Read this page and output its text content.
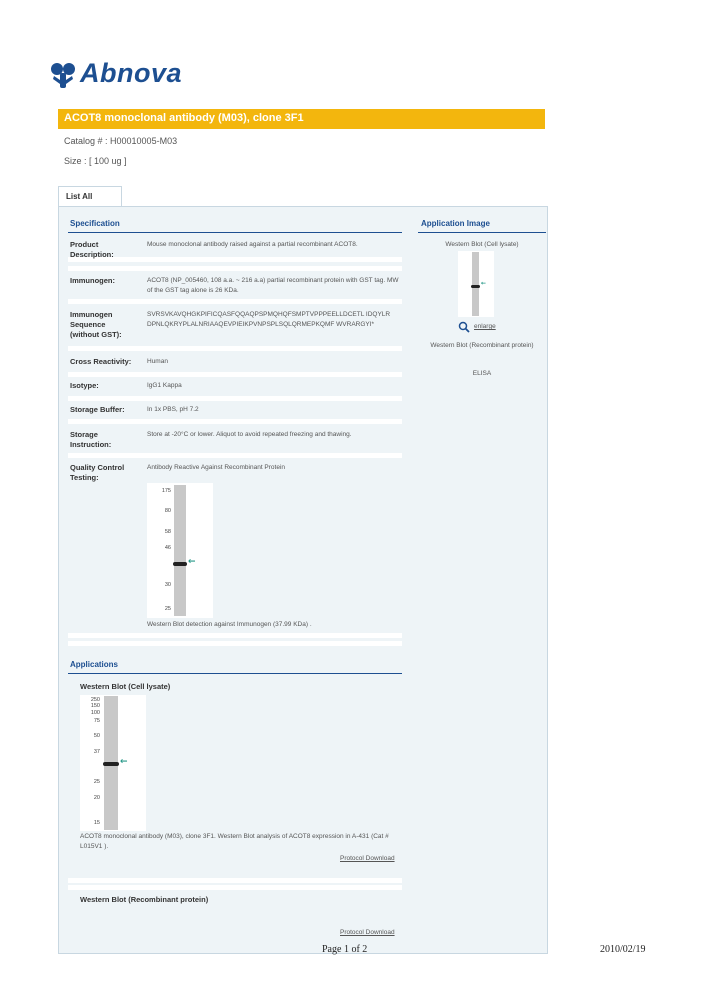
Abnova
ACOT8 monoclonal antibody (M03), clone 3F1
Catalog # : H00010005-M03
Size : [ 100 ug ]
List All
Specification
Product
Description:
Mouse monoclonal antibody raised against a partial recombinant ACOT8.
Immunogen:	ACOT8 (NP_005460, 108 a.a. ~ 216 a.a) partial recombinant protein with GST tag. MW of the GST tag alone is 26 KDa.
Immunogen
Sequence
(without GST):
SVRSVKAVQHGKPIFICQASFQQAQPSPMQHQFSMPTVPPPEELLDCETL IDQYLRDPNLQKRYPLALNRIAAQEVPIEIKPVNPSPLSQLQRMEPKQMF WVRARGYI*
Cross Reactivity: Human
Isotype:	IgG1 Kappa
Storage Buffer:	In 1x PBS, pH 7.2
Storage
Instruction:
Store at -20°C or lower. Aliquot to avoid repeated freezing and thawing.
Quality Control
Testing:
Antibody Reactive Against Recombinant Protein
←
175
80
58
46
30
25
Western Blot detection against Immunogen (37.99 KDa) .
Application Image
Western Blot (Cell lysate)
←
enlarge
Western Blot (Recombinant protein)
ELISA
Applications
Western Blot (Cell lysate)
←
250
150
100
75
50
37
25
20
15
ACOT8 monoclonal antibody (M03), clone 3F1. Western Blot analysis of ACOT8 expression in A-431 (Cat # L015V1 ).
Protocol Download
Western Blot (Recombinant protein)
Protocol Download
Page 1 of 2	2010/02/19
